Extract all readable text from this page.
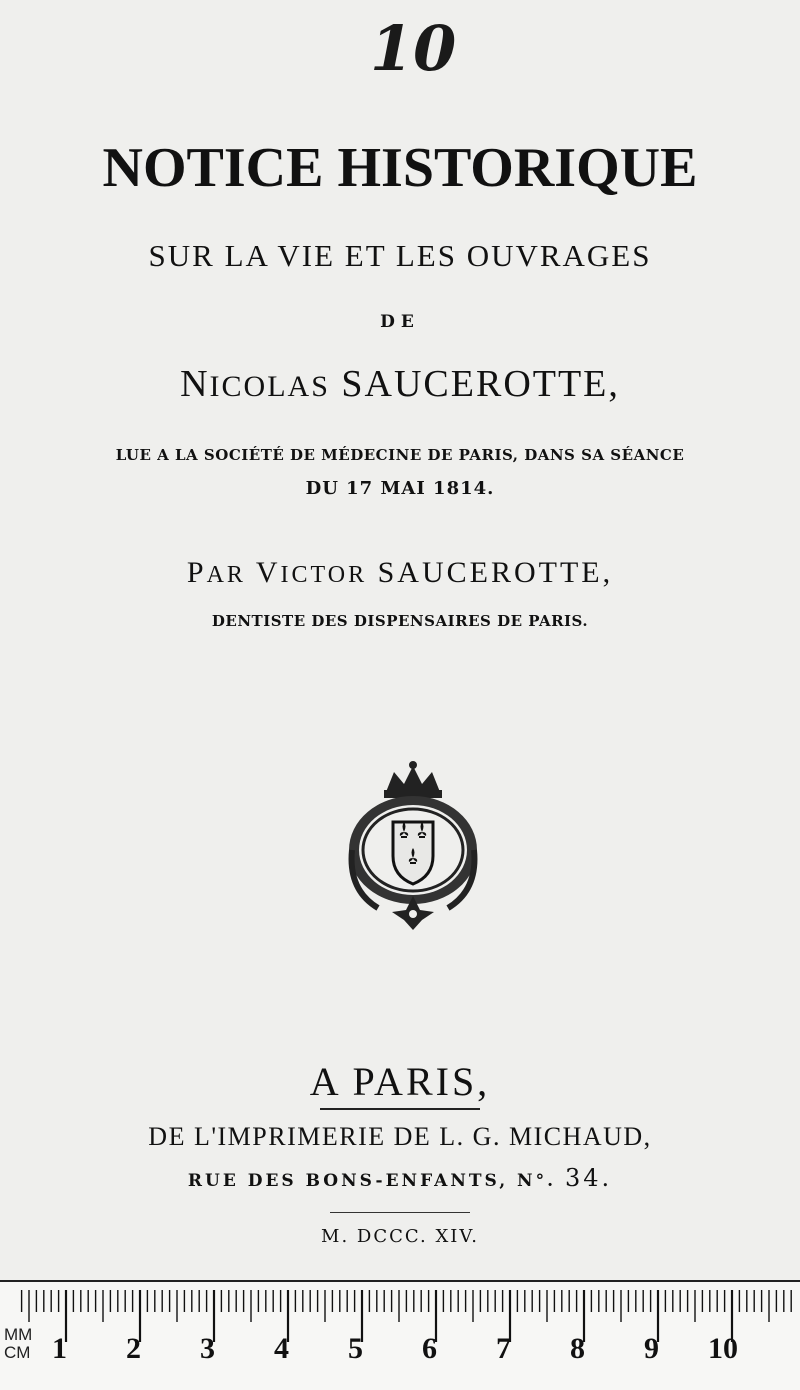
10
NOTICE HISTORIQUE
SUR LA VIE ET LES OUVRAGES
DE
NICOLAS SAUCEROTTE,
LUE A LA SOCIÉTÉ DE MÉDECINE DE PARIS, DANS SA SÉANCE
DU 17 MAI 1814.
PAR VICTOR SAUCEROTTE,
DENTISTE DES DISPENSAIRES DE PARIS.
A PARIS,
DE L'IMPRIMERIE DE L. G. MICHAUD,
RUE DES BONS-ENFANTS, N°. 34.
M. DCCC. XIV.
MM
CM 1 2 3 4 5 6 7 8 9 10
